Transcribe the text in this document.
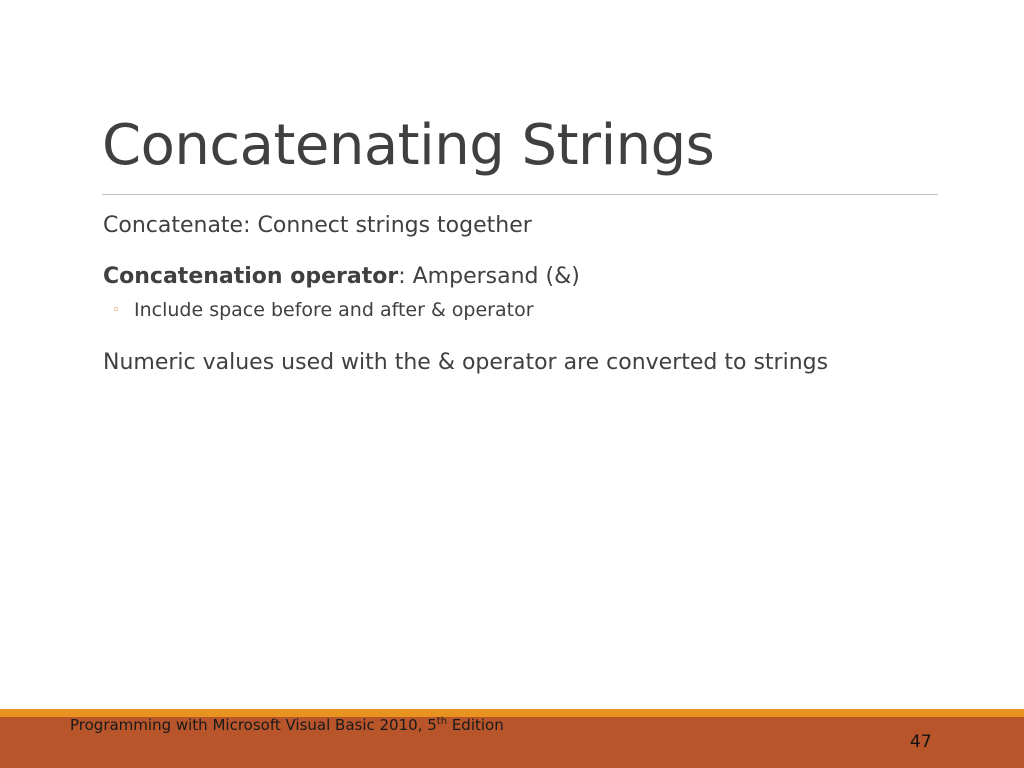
Concatenating Strings
Concatenate: Connect strings together
Concatenation operator: Ampersand (&)
◦ Include space before and after & operator
Numeric values used with the & operator are converted to strings
Programming with Microsoft Visual Basic 2010, 5th Edition
47
